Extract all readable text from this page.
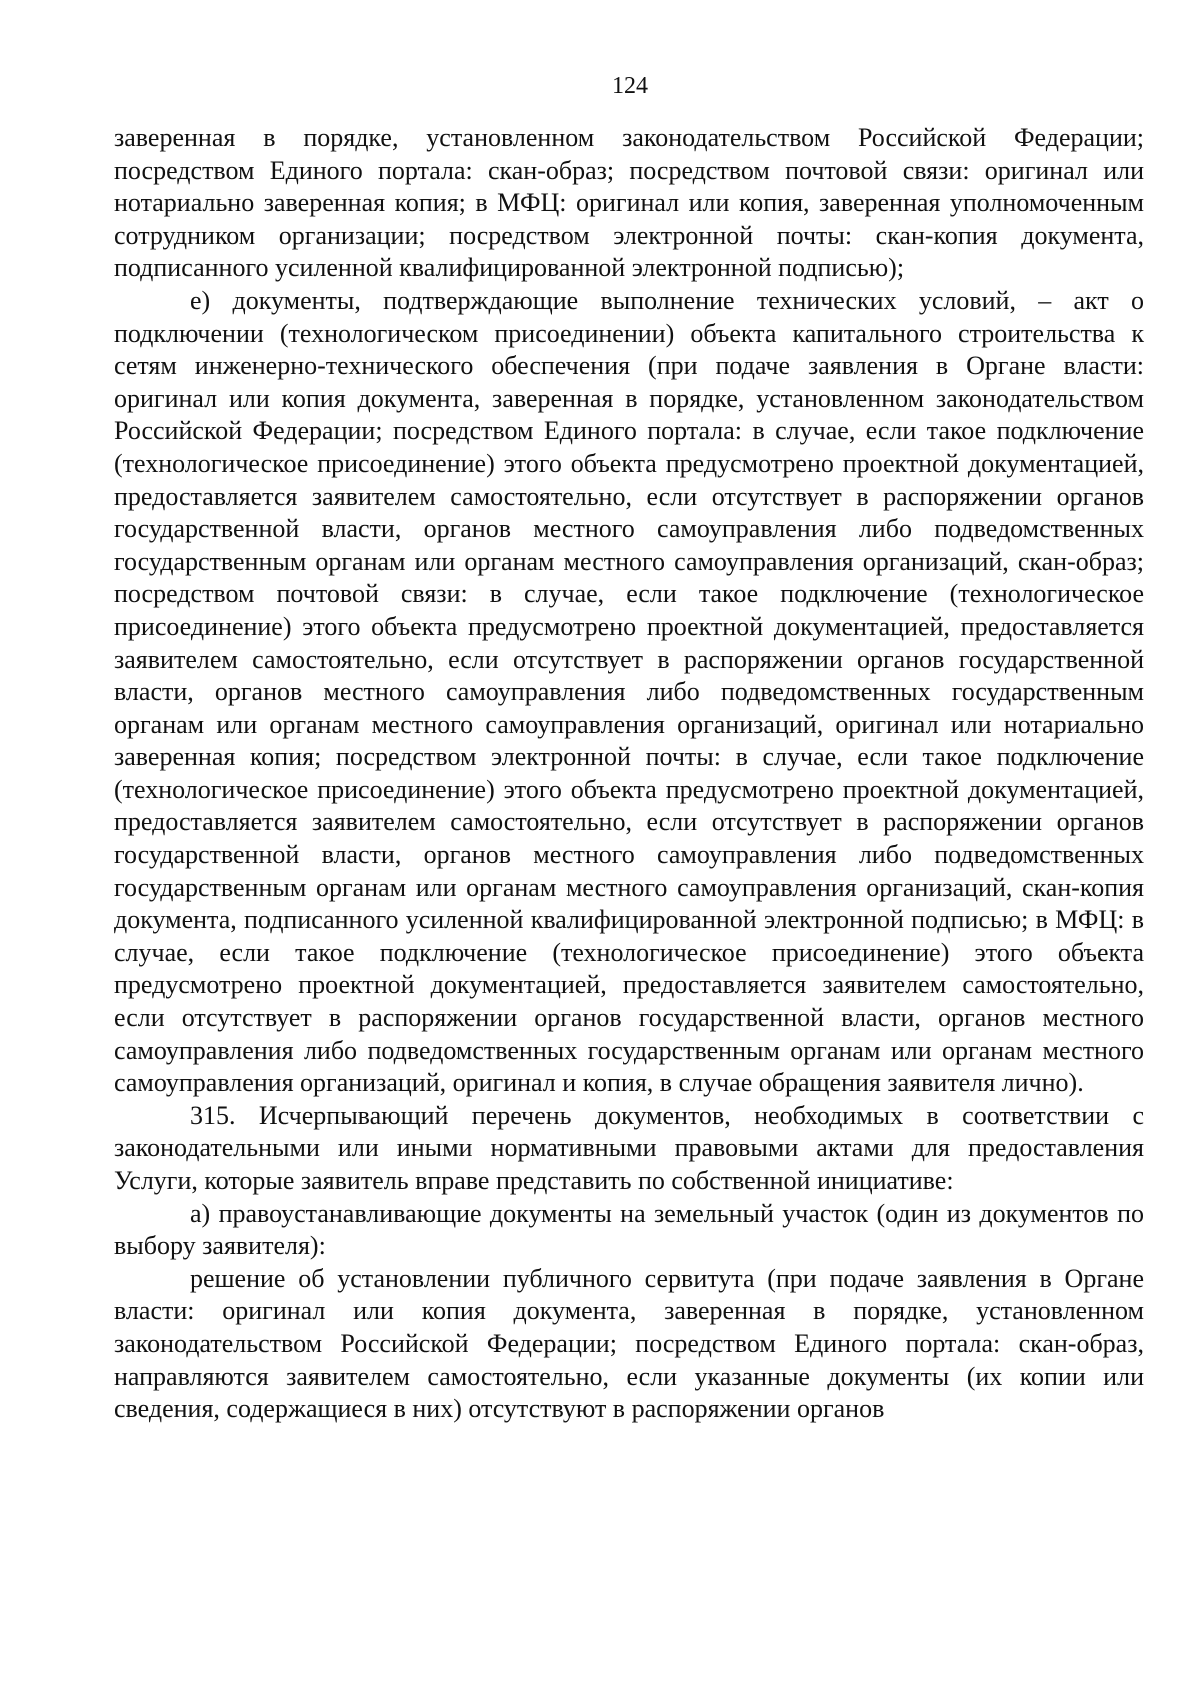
124

заверенная в порядке, установленном законодательством Российской Федерации; посредством Единого портала: скан-образ; посредством почтовой связи: оригинал или нотариально заверенная копия; в МФЦ: оригинал или копия, заверенная уполномоченным сотрудником организации; посредством электронной почты: скан-копия документа, подписанного усиленной квалифицированной электронной подписью);

е) документы, подтверждающие выполнение технических условий, – акт о подключении (технологическом присоединении) объекта капитального строительства к сетям инженерно-технического обеспечения (при подаче заявления в Органе власти: оригинал или копия документа, заверенная в порядке, установленном законодательством Российской Федерации; посредством Единого портала: в случае, если такое подключение (технологическое присоединение) этого объекта предусмотрено проектной документацией, предоставляется заявителем самостоятельно, если отсутствует в распоряжении органов государственной власти, органов местного самоуправления либо подведомственных государственным органам или органам местного самоуправления организаций, скан-образ; посредством почтовой связи: в случае, если такое подключение (технологическое присоединение) этого объекта предусмотрено проектной документацией, предоставляется заявителем самостоятельно, если отсутствует в распоряжении органов государственной власти, органов местного самоуправления либо подведомственных государственным органам или органам местного самоуправления организаций, оригинал или нотариально заверенная копия; посредством электронной почты: в случае, если такое подключение (технологическое присоединение) этого объекта предусмотрено проектной документацией, предоставляется заявителем самостоятельно, если отсутствует в распоряжении органов государственной власти, органов местного самоуправления либо подведомственных государственным органам или органам местного самоуправления организаций, скан-копия документа, подписанного усиленной квалифицированной электронной подписью; в МФЦ: в случае, если такое подключение (технологическое присоединение) этого объекта предусмотрено проектной документацией, предоставляется заявителем самостоятельно, если отсутствует в распоряжении органов государственной власти, органов местного самоуправления либо подведомственных государственным органам или органам местного самоуправления организаций, оригинал и копия, в случае обращения заявителя лично).

315. Исчерпывающий перечень документов, необходимых в соответствии с законодательными или иными нормативными правовыми актами для предоставления Услуги, которые заявитель вправе представить по собственной инициативе:

а) правоустанавливающие документы на земельный участок (один из документов по выбору заявителя):

решение об установлении публичного сервитута (при подаче заявления в Органе власти: оригинал или копия документа, заверенная в порядке, установленном законодательством Российской Федерации; посредством Единого портала: скан-образ, направляются заявителем самостоятельно, если указанные документы (их копии или сведения, содержащиеся в них) отсутствуют в распоряжении органов
